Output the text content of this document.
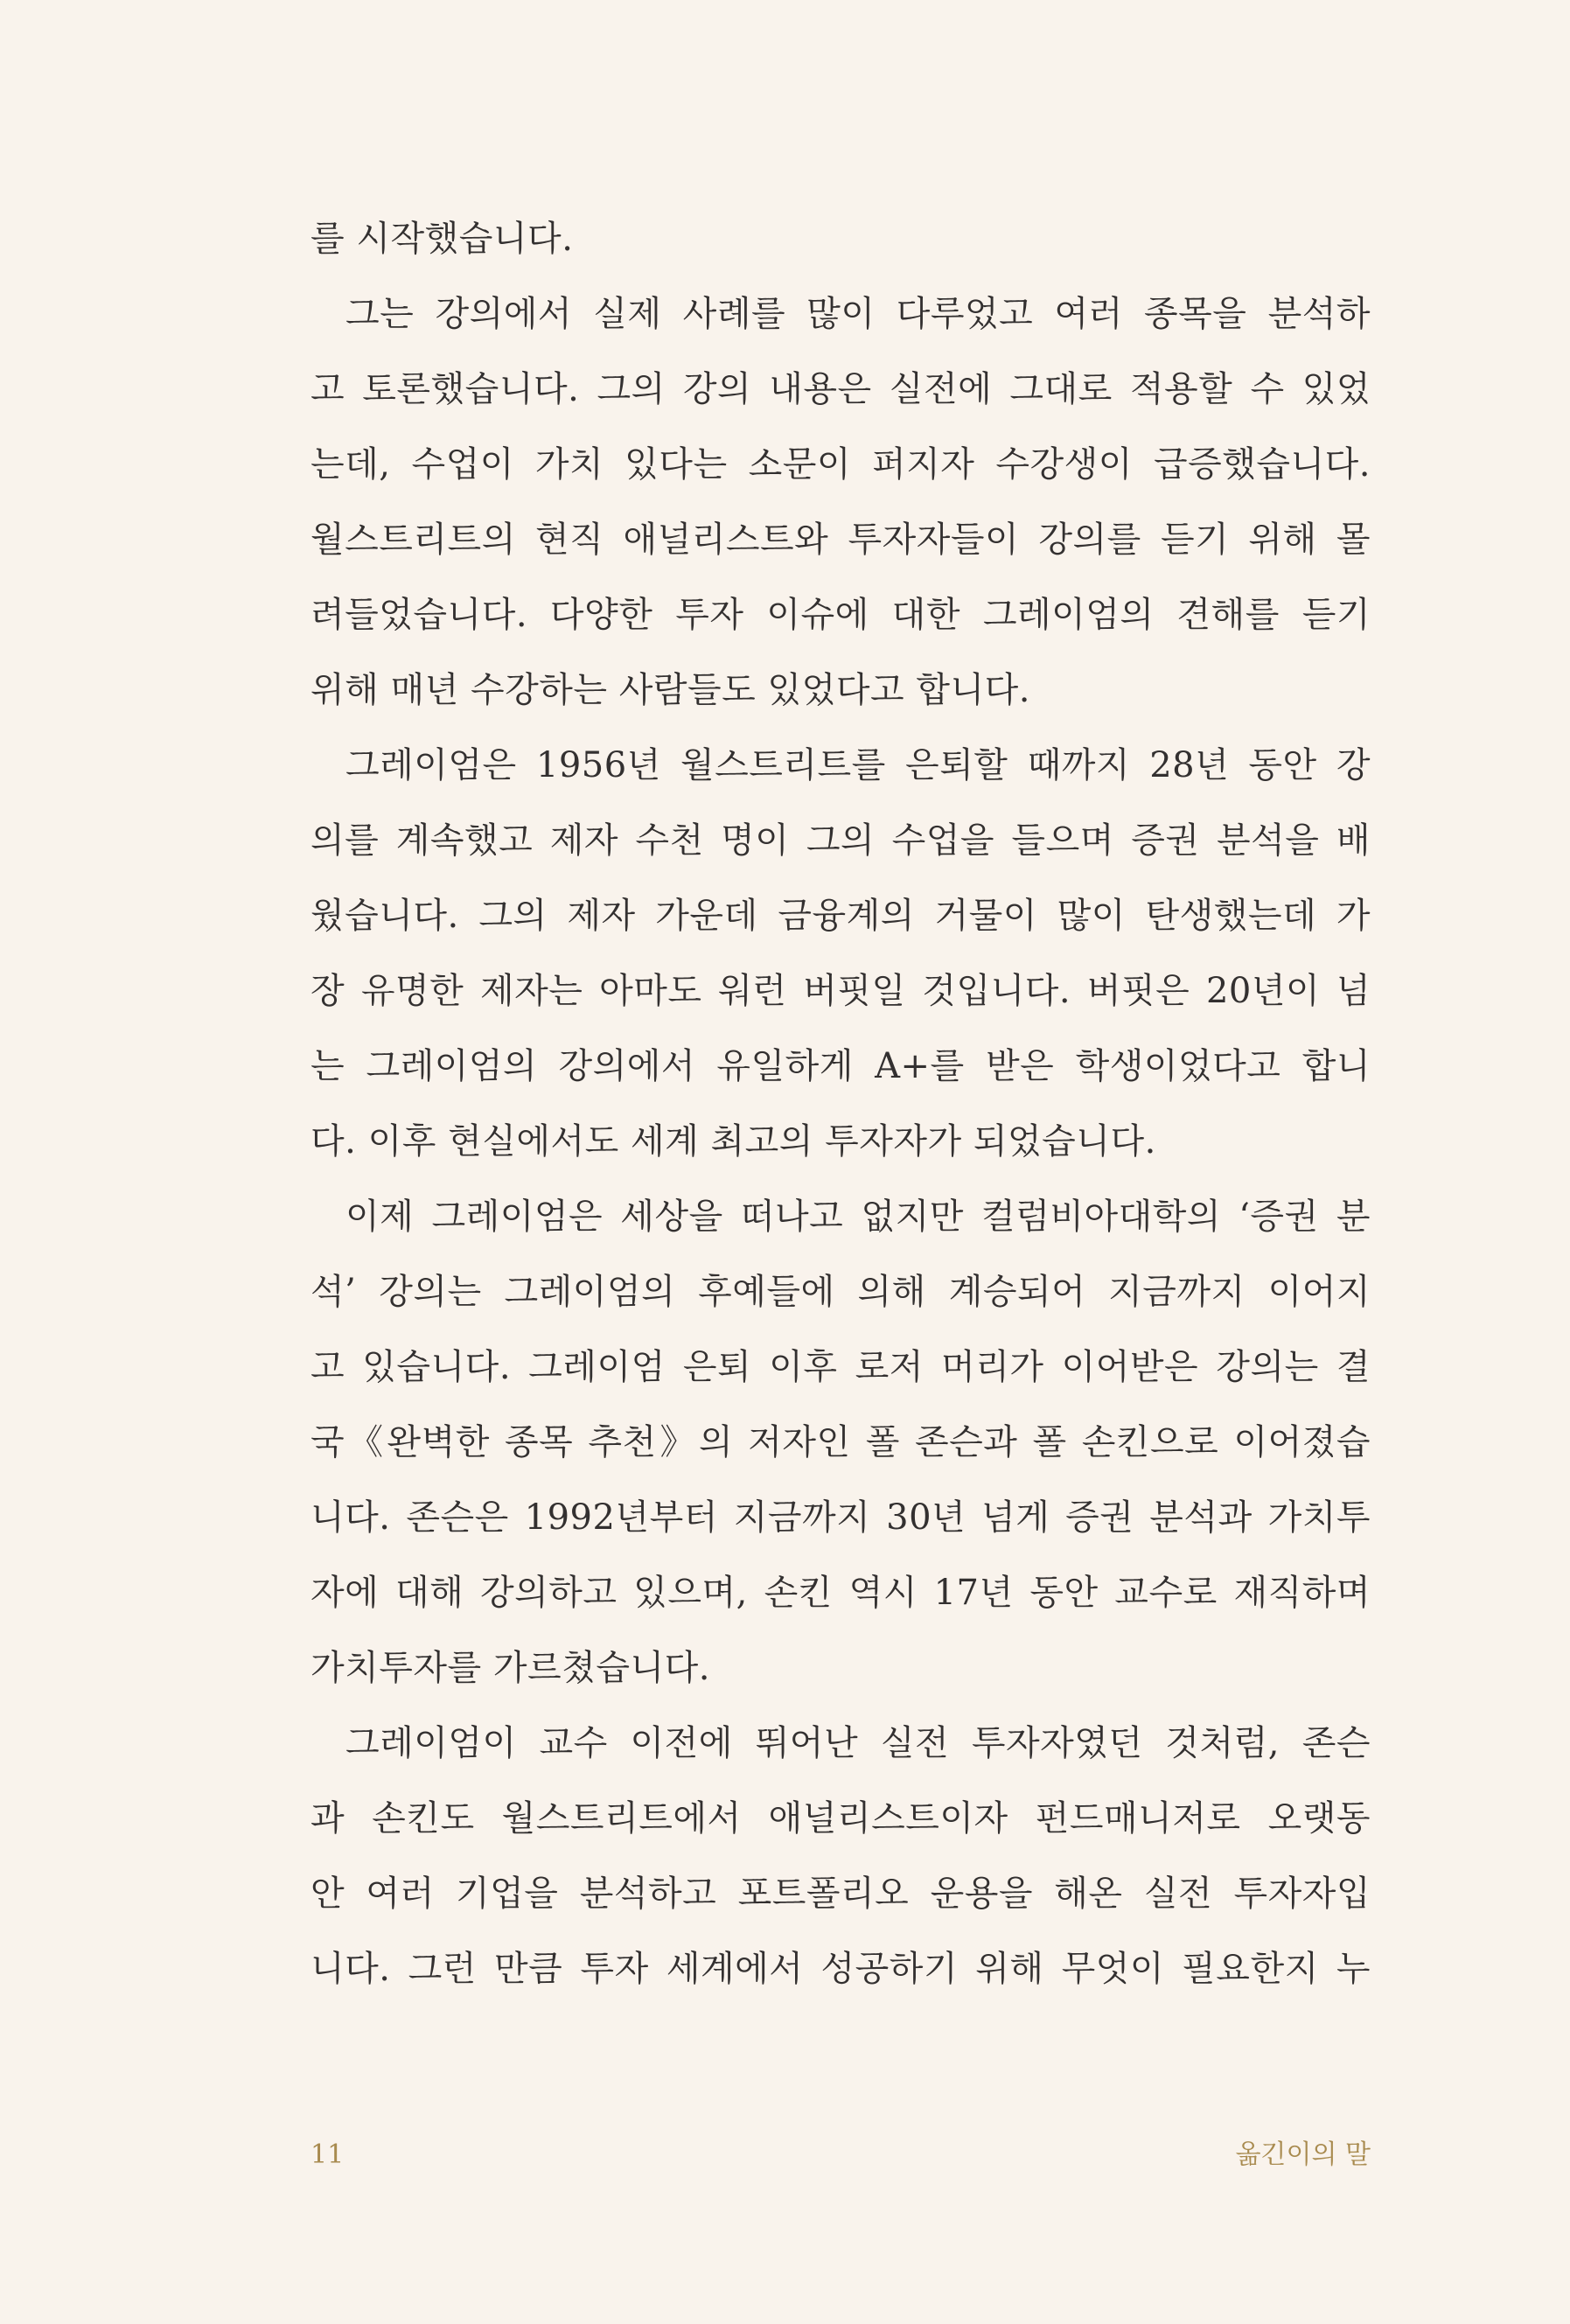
를 시작했습니다.
그는 강의에서 실제 사례를 많이 다루었고 여러 종목을 분석하
고 토론했습니다. 그의 강의 내용은 실전에 그대로 적용할 수 있었
는데, 수업이 가치 있다는 소문이 퍼지자 수강생이 급증했습니다.
월스트리트의 현직 애널리스트와 투자자들이 강의를 듣기 위해 몰
려들었습니다. 다양한 투자 이슈에 대한 그레이엄의 견해를 듣기
위해 매년 수강하는 사람들도 있었다고 합니다.
그레이엄은 1956년 월스트리트를 은퇴할 때까지 28년 동안 강
의를 계속했고 제자 수천 명이 그의 수업을 들으며 증권 분석을 배
웠습니다. 그의 제자 가운데 금융계의 거물이 많이 탄생했는데 가
장 유명한 제자는 아마도 워런 버핏일 것입니다. 버핏은 20년이 넘
는 그레이엄의 강의에서 유일하게 A+를 받은 학생이었다고 합니
다. 이후 현실에서도 세계 최고의 투자자가 되었습니다.
이제 그레이엄은 세상을 떠나고 없지만 컬럼비아대학의 ‘증권 분
석’ 강의는 그레이엄의 후예들에 의해 계승되어 지금까지 이어지
고 있습니다. 그레이엄 은퇴 이후 로저 머리가 이어받은 강의는 결
국《완벽한 종목 추천》의 저자인 폴 존슨과 폴 손킨으로 이어졌습
니다. 존슨은 1992년부터 지금까지 30년 넘게 증권 분석과 가치투
자에 대해 강의하고 있으며, 손킨 역시 17년 동안 교수로 재직하며
가치투자를 가르쳤습니다.
그레이엄이 교수 이전에 뛰어난 실전 투자자였던 것처럼, 존슨
과 손킨도 월스트리트에서 애널리스트이자 펀드매니저로 오랫동
안 여러 기업을 분석하고 포트폴리오 운용을 해온 실전 투자자입
니다. 그런 만큼 투자 세계에서 성공하기 위해 무엇이 필요한지 누
11	옮긴이의 말
